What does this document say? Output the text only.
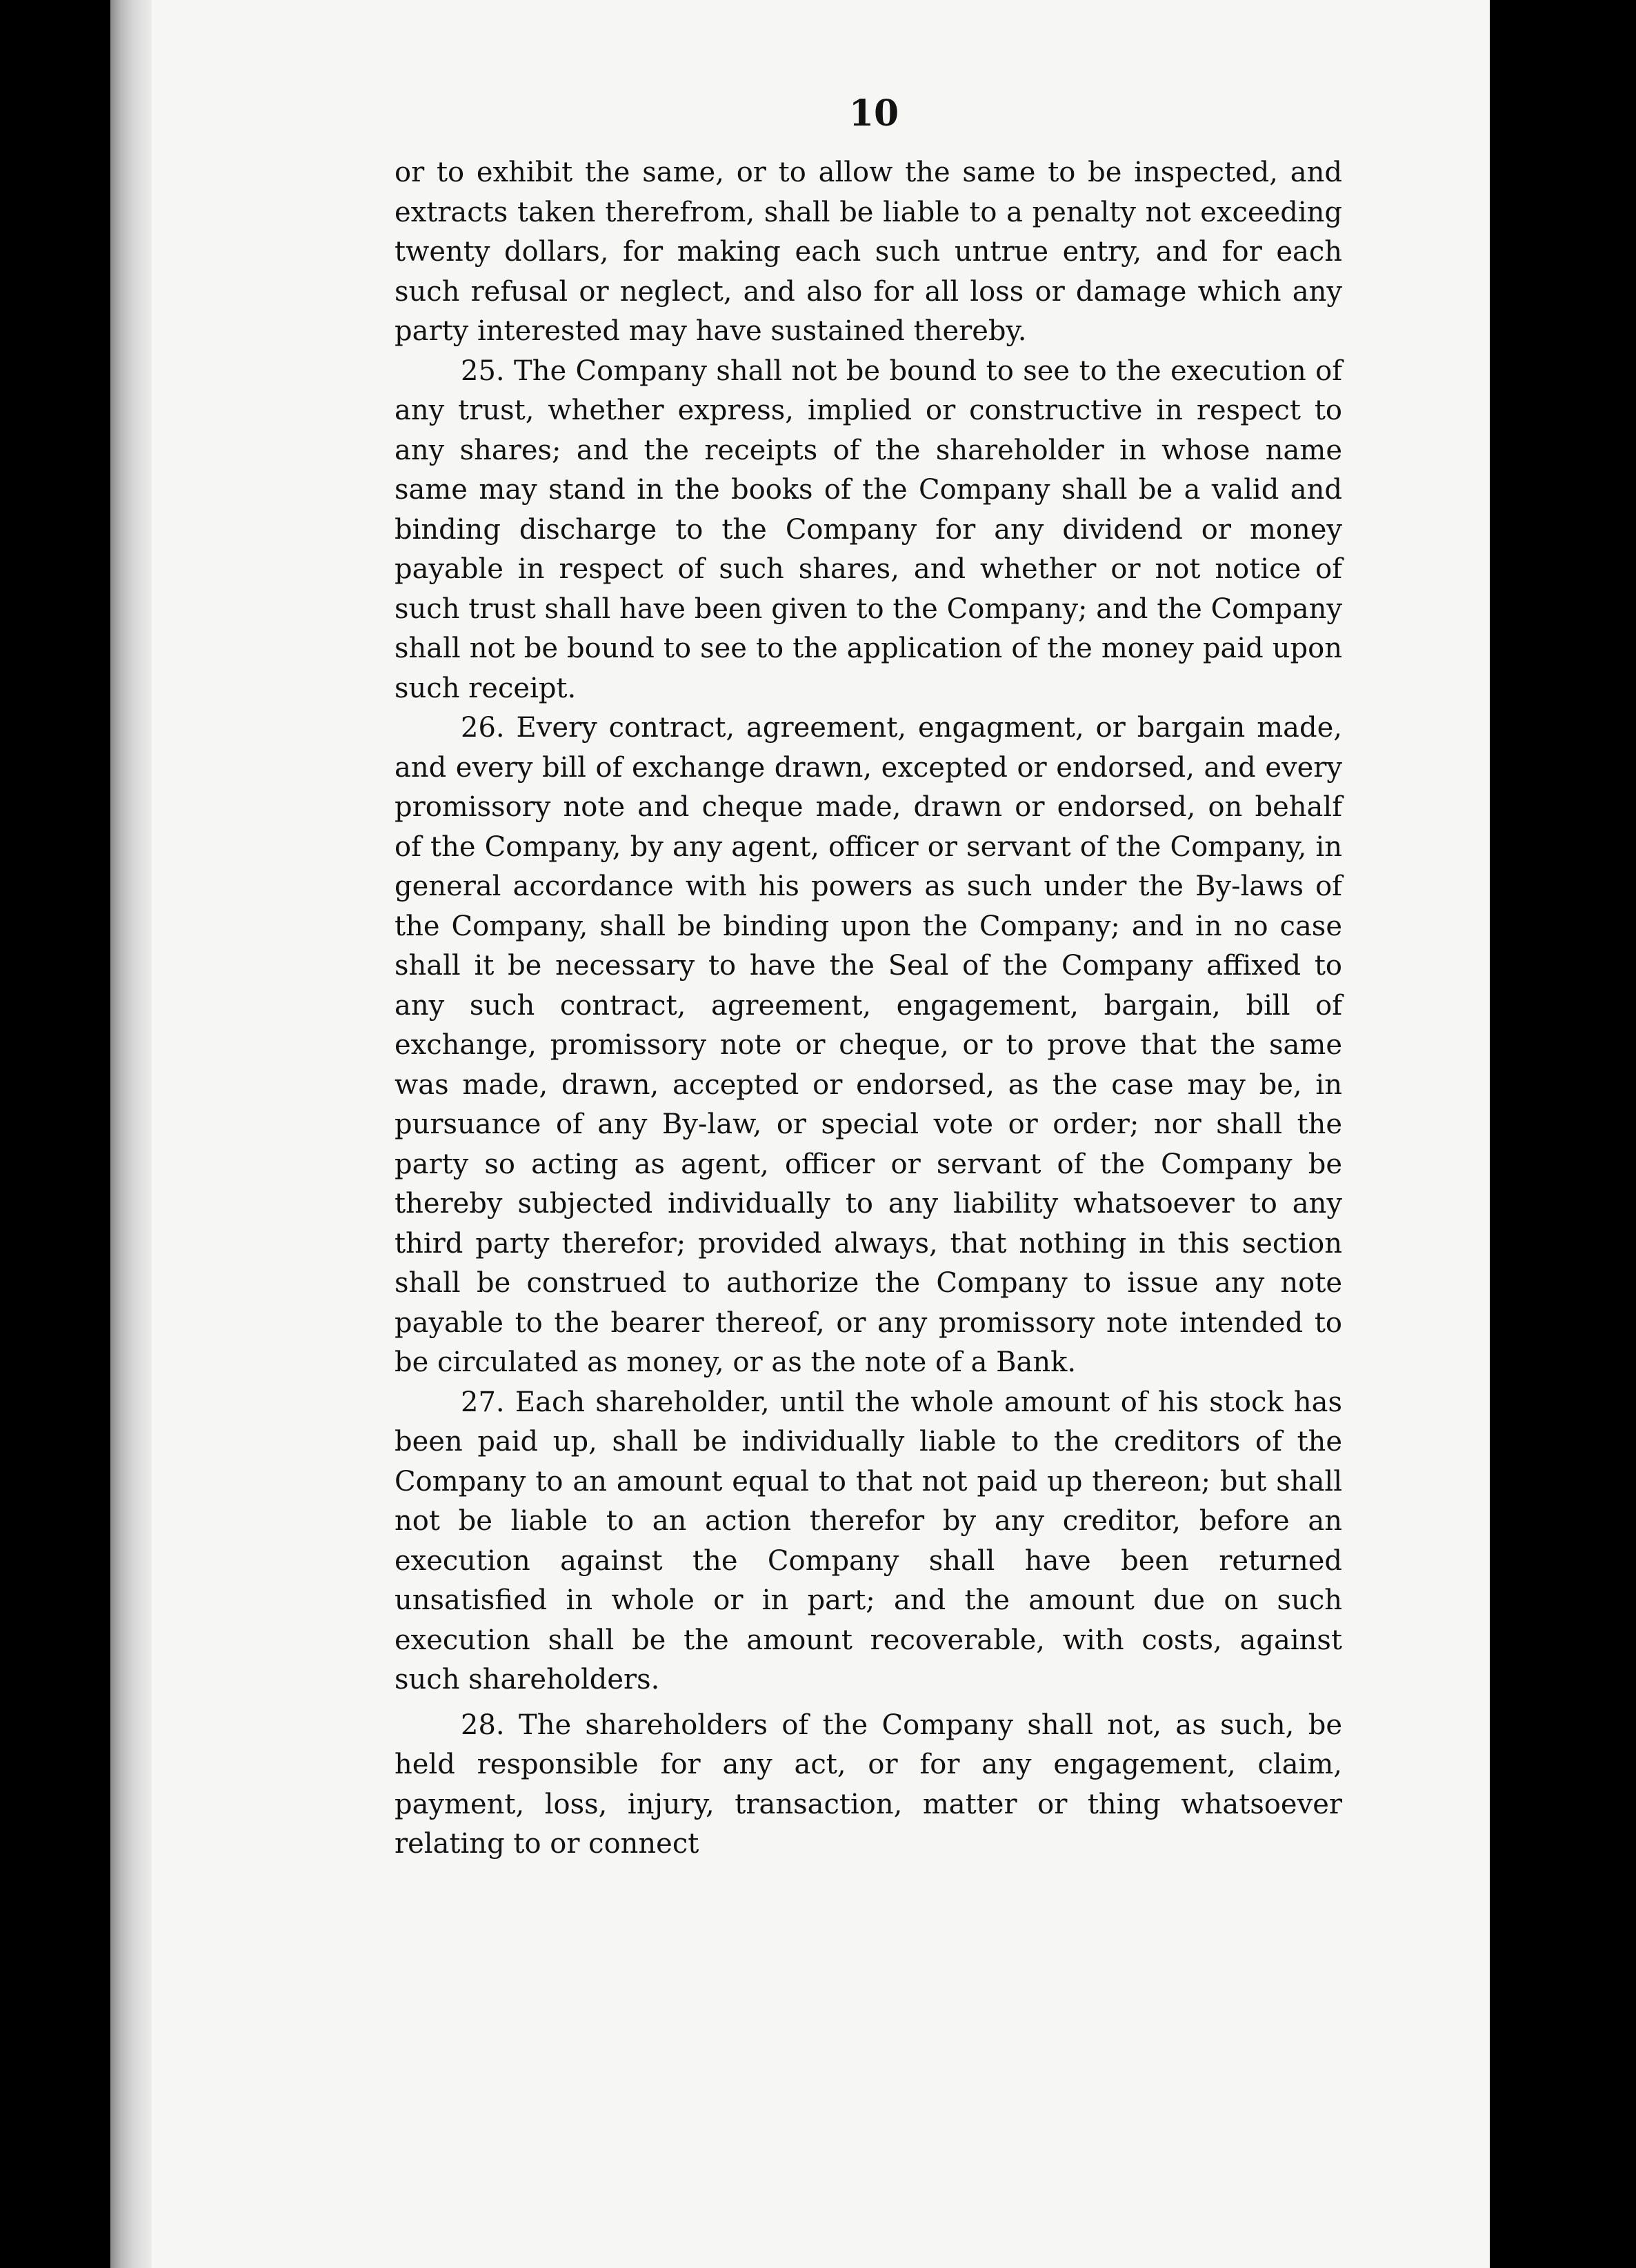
10

or to exhibit the same, or to allow the same to be inspected, and extracts taken therefrom, shall be liable to a penalty not exceeding twenty dollars, for making each such untrue entry, and for each such refusal or neglect, and also for all loss or damage which any party interested may have sustained thereby.

25. The Company shall not be bound to see to the execution of any trust, whether express, implied or constructive in respect to any shares; and the receipts of the shareholder in whose name same may stand in the books of the Company shall be a valid and binding discharge to the Company for any dividend or money payable in respect of such shares, and whether or not notice of such trust shall have been given to the Company; and the Company shall not be bound to see to the application of the money paid upon such receipt.

26. Every contract, agreement, engagment, or bargain made, and every bill of exchange drawn, excepted or endorsed, and every promissory note and cheque made, drawn or endorsed, on behalf of the Company, by any agent, officer or servant of the Company, in general accordance with his powers as such under the By-laws of the Company, shall be binding upon the Company; and in no case shall it be necessary to have the Seal of the Company affixed to any such contract, agreement, engagement, bargain, bill of exchange, promissory note or cheque, or to prove that the same was made, drawn, accepted or endorsed, as the case may be, in pursuance of any By-law, or special vote or order; nor shall the party so acting as agent, officer or servant of the Company be thereby subjected individually to any liability whatsoever to any third party therefor; provided always, that nothing in this section shall be construed to authorize the Company to issue any note payable to the bearer thereof, or any promissory note intended to be circulated as money, or as the note of a Bank.

27. Each shareholder, until the whole amount of his stock has been paid up, shall be individually liable to the creditors of the Company to an amount equal to that not paid up thereon; but shall not be liable to an action therefor by any creditor, before an execution against the Company shall have been returned unsatisfied in whole or in part; and the amount due on such execution shall be the amount recoverable, with costs, against such shareholders.

28. The shareholders of the Company shall not, as such, be held responsible for any act, or for any engagement, claim, payment, loss, injury, transaction, matter or thing whatsoever relating to or connect
